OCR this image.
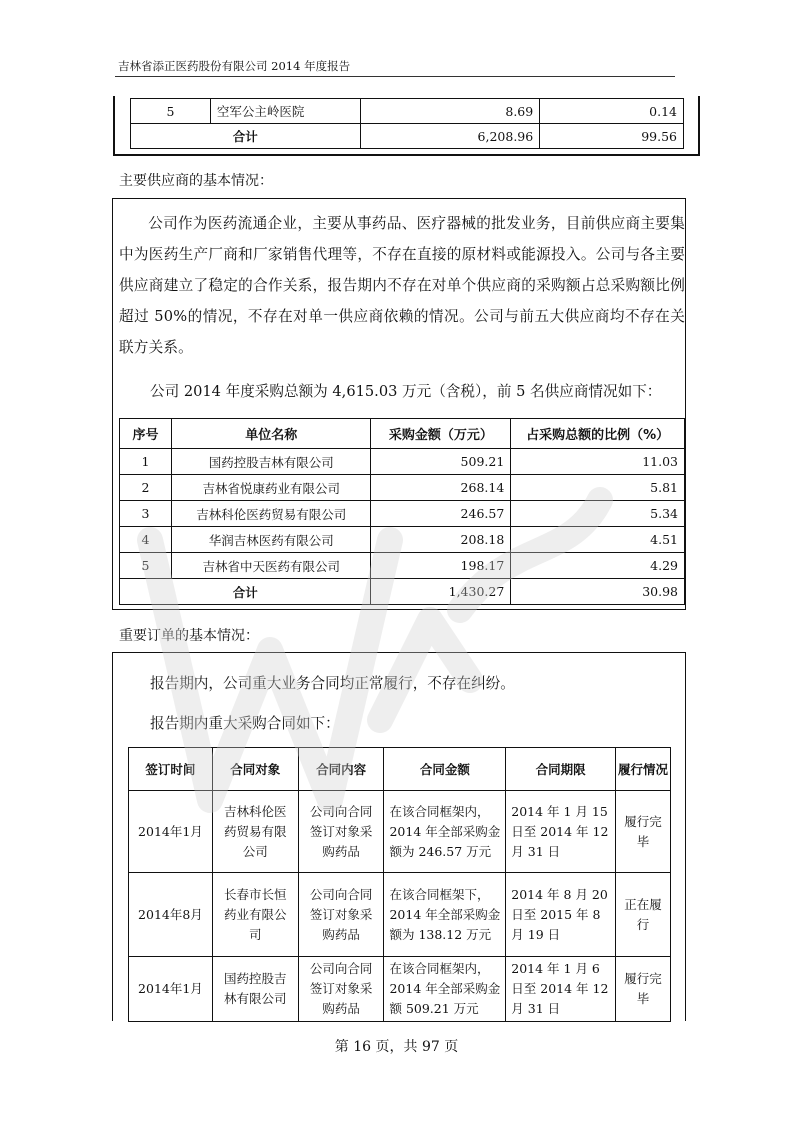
吉林省添正医药股份有限公司 2014 年度报告
5	空军公主岭医院	8.69	0.14
合计		6,208.96	99.56
主要供应商的基本情况：

公司作为医药流通企业，主要从事药品、医疗器械的批发业务，目前供应商主要集中为医药生产厂商和厂家销售代理等，不存在直接的原材料或能源投入。公司与各主要供应商建立了稳定的合作关系，报告期内不存在对单个供应商的采购额占总采购额比例超过 50%的情况，不存在对单一供应商依赖的情况。公司与前五大供应商均不存在关联方关系。

公司 2014 年度采购总额为 4,615.03 万元（含税），前 5 名供应商情况如下：

序号	单位名称	采购金额（万元）	占采购总额的比例（%）
1	国药控股吉林有限公司	509.21	11.03
2	吉林省悦康药业有限公司	268.14	5.81
3	吉林科伦医药贸易有限公司	246.57	5.34
4	华润吉林医药有限公司	208.18	4.51
5	吉林省中天医药有限公司	198.17	4.29
合计		1,430.27	30.98
重要订单的基本情况：

报告期内，公司重大业务合同均正常履行，不存在纠纷。

报告期内重大采购合同如下：

签订时间	合同对象	合同内容	合同金额	合同期限	履行情况
2014年1月	吉林科伦医药贸易有限公司	公司向合同签订对象采购药品	在该合同框架内，2014 年全部采购金额为 246.57 万元	2014 年 1 月 15 日至 2014 年 12 月 31 日	履行完毕
2014年8月	长春市长恒药业有限公司	公司向合同签订对象采购药品	在该合同框架下，2014 年全部采购金额为 138.12 万元	2014 年 8 月 20 日至 2015 年 8 月 19 日	正在履行
2014年1月	国药控股吉林有限公司	公司向合同签订对象采购药品	在该合同框架内，2014 年全部采购金额 509.21 万元	2014 年 1 月 6 日至 2014 年 12 月 31 日	履行完毕
第 16 页，共 97 页
